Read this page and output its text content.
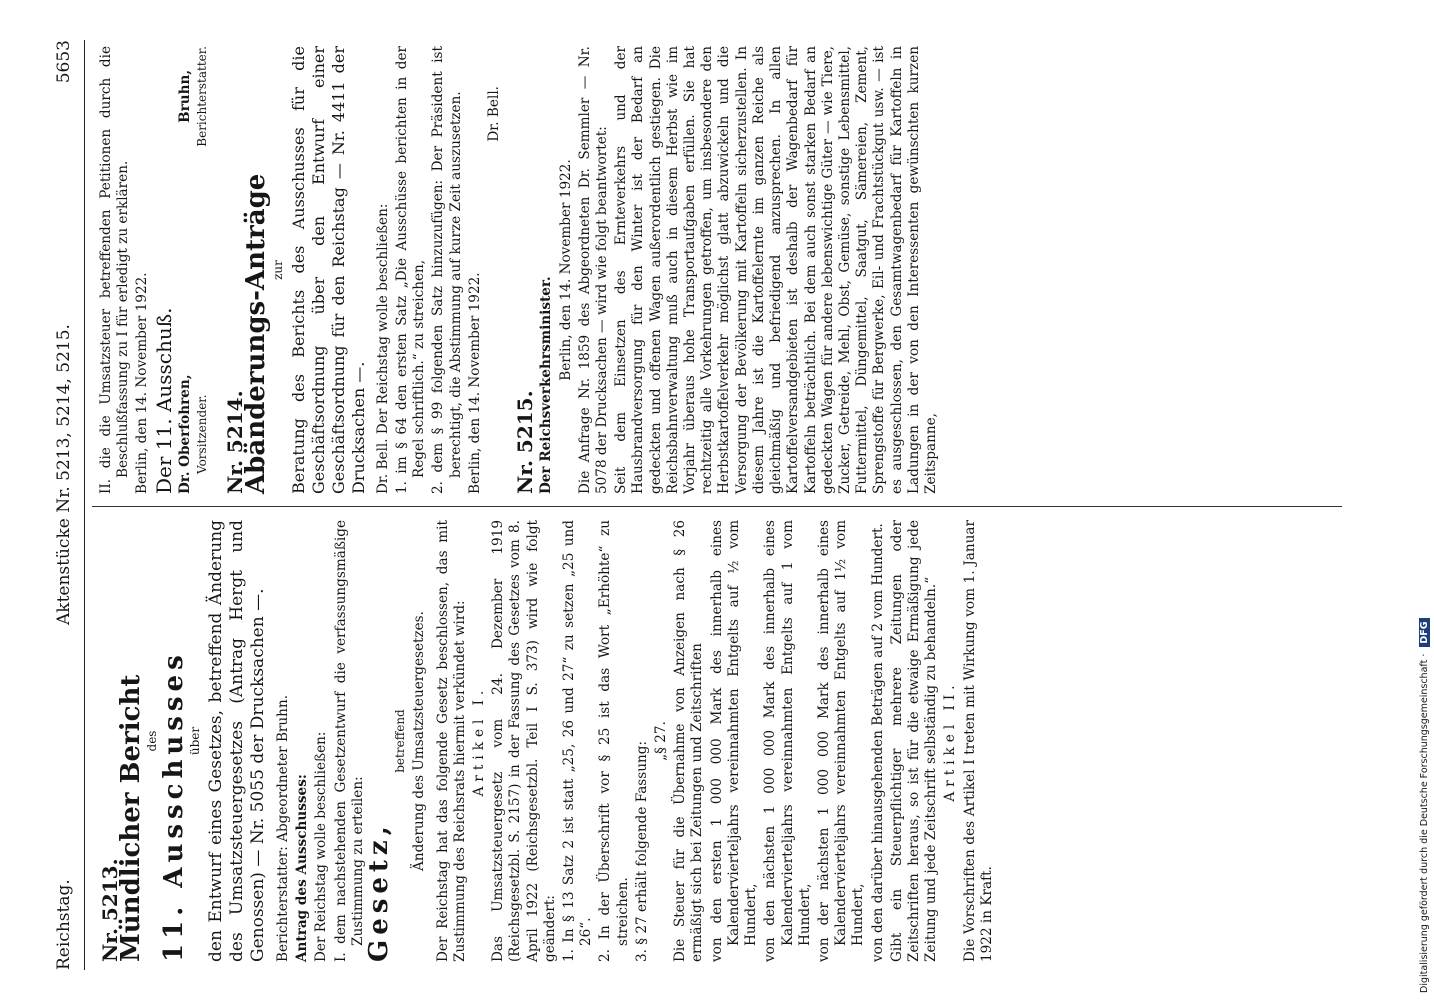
Reichstag.
Aktenstücke Nr. 5213, 5214, 5215.
5653

Nr. 5213.

Mündlicher Bericht des 11. Ausschusses über den Entwurf eines Gesetzes, betreffend Änderung des Umsatzsteuergesetzes (Antrag Hergt und Genossen) — Nr. 5055 der Drucksachen —. Berichterstatter: Abgeordneter Bruhn. Antrag des Ausschusses: Der Reichstag wolle beschließen: I. dem nachstehenden Gesetzentwurf die verfassungsmäßige Zustimmung zu erteilen:

Gesetz,

betreffend Änderung des Umsatzsteuergesetzes. Der Reichstag hat das folgende Gesetz beschlossen, das mit Zustimmung des Reichsrats hiermit verkündet wird: Artikel I. Das Umsatzsteuergesetz vom 24. Dezember 1919 (Reichsgesetzbl. S. 2157) in der Fassung des Gesetzes vom 8. April 1922 (Reichsgesetzbl. Teil I S. 373) wird wie folgt geändert: 1. In § 13 Satz 2 ist statt „25, 26 und 27“ zu setzen „25 und 26“. 2. In der Überschrift vor § 25 ist das Wort „Erhöhte“ zu streichen. 3. § 27 erhält folgende Fassung: „§ 27. Die Steuer für die Übernahme von Anzeigen nach § 26 ermäßigt sich bei Zeitungen und Zeitschriften von den ersten 1 000 000 Mark des innerhalb eines Kalendervierteljahrs vereinnahmten Entgelts auf ½ vom Hundert, von den nächsten 1 000 000 Mark des innerhalb eines Kalendervierteljahrs vereinnahmten Entgelts auf 1 vom Hundert, von der nächsten 1 000 000 Mark des innerhalb eines Kalendervierteljahrs vereinnahmten Entgelts auf 1½ vom Hundert, von den darüber hinausgehenden Beträgen auf 2 vom Hundert. Gibt ein Steuerpflichtiger mehrere Zeitungen oder Zeitschriften heraus, so ist für die etwaige Ermäßigung jede Zeitung und jede Zeitschrift selbständig zu behandeln.“ Artikel II. Die Vorschriften des Artikel I treten mit Wirkung vom 1. Januar 1922 in Kraft.

II. die die Umsatzsteuer betreffenden Petitionen durch die Beschlußfassung zu I für erledigt zu erklären. Berlin, den 14. November 1922. Der 11. Ausschuß. Dr. Oberfohren, Vorsitzender.
Bruhn, Berichterstatter.

Nr. 5214.

Abänderungs-Anträge zur Beratung des Berichts des Ausschusses für die Geschäftsordnung über den Entwurf einer Geschäftsordnung für den Reichstag — Nr. 4411 der Drucksachen —. Dr. Bell. Der Reichstag wolle beschließen: 1. im § 64 den ersten Satz „Die Ausschüsse berichten in der Regel schriftlich.“ zu streichen, 2. dem § 99 folgenden Satz hinzuzufügen: Der Präsident ist berechtigt, die Abstimmung auf kurze Zeit auszusetzen. Berlin, den 14. November 1922.

Dr. Bell.

Nr. 5215. Der Reichsverkehrsminister.

Berlin, den 14. November 1922. Die Anfrage Nr. 1859 des Abgeordneten Dr. Semmler — Nr. 5078 der Drucksachen — wird wie folgt beantwortet: Seit dem Einsetzen des Ernteverkehrs und der Hausbrandversorgung für den Winter ist der Bedarf an gedeckten und offenen Wagen außerordentlich gestiegen. Die Reichsbahnverwaltung muß auch in diesem Herbst wie im Vorjahr überaus hohe Transportaufgaben erfüllen. Sie hat rechtzeitig alle Vorkehrungen getroffen, um insbesondere den Herbstkartoffelverkehr möglichst glatt abzuwickeln und die Versorgung der Bevölkerung mit Kartoffeln sicherzustellen. In diesem Jahre ist die Kartoffelernte im ganzen Reiche als gleichmäßig und befriedigend anzusprechen. In allen Kartoffelversandgebieten ist deshalb der Wagenbedarf für Kartoffeln beträchtlich. Bei dem auch sonst starken Bedarf an gedeckten Wagen für andere lebenswichtige Güter — wie Tiere, Zucker, Getreide, Mehl, Obst, Gemüse, sonstige Lebensmittel, Futtermittel, Düngemittel, Saatgut, Sämereien, Zement, Sprengstoffe für Bergwerke, Eil- und Frachtstückgut usw. — ist es ausgeschlossen, den Gesamtwagenbedarf für Kartoffeln in Ladungen in der von den Interessenten gewünschten kurzen Zeitspanne,

Digitalisierung gefördert durch die Deutsche Forschungsgemeinschaft · DFG
